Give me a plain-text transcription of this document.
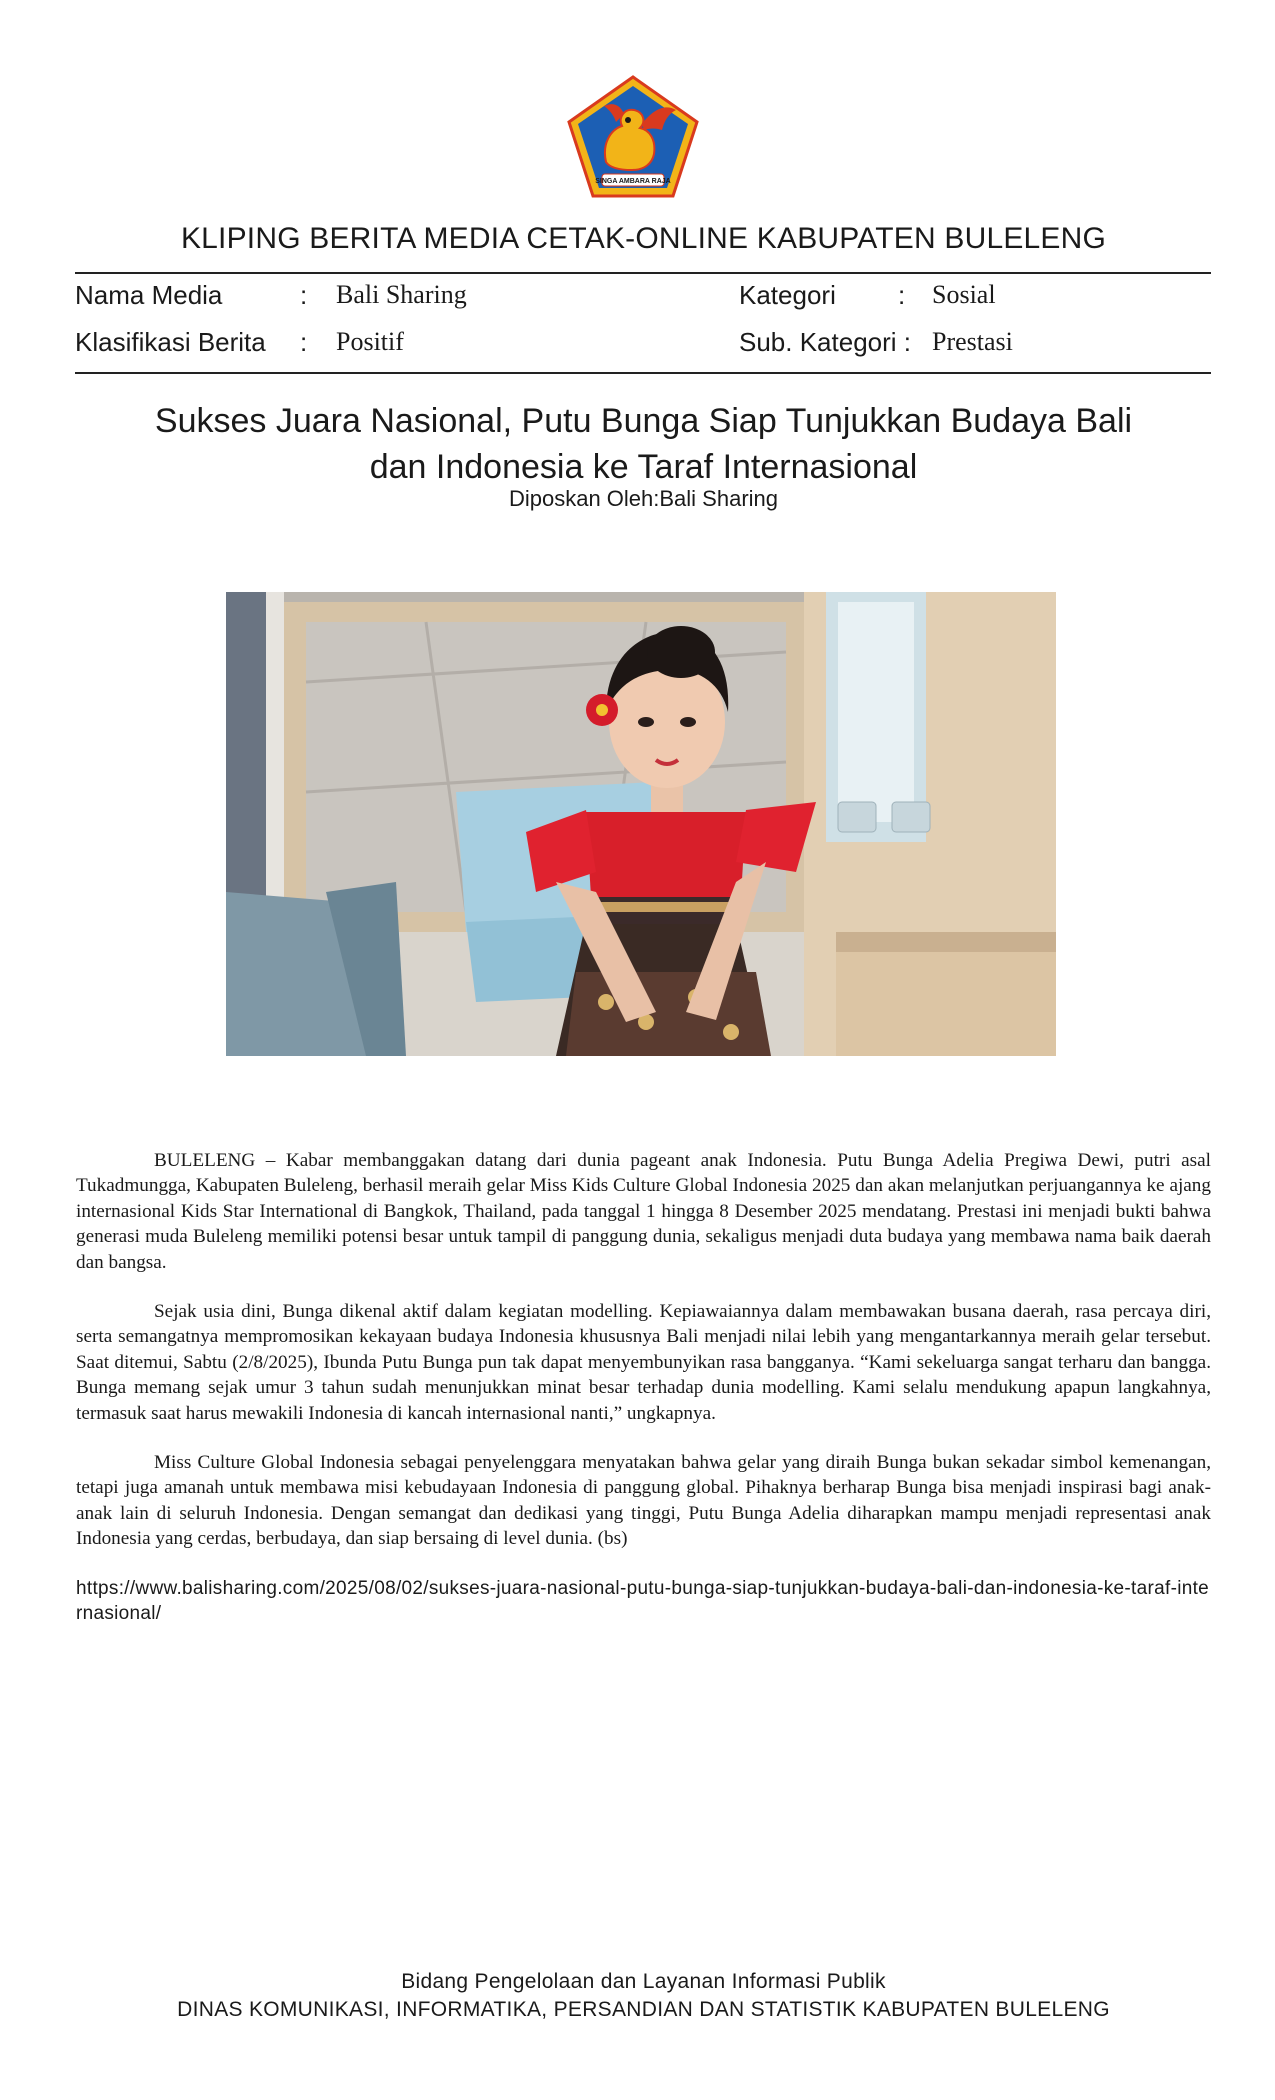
SINGA AMBARA RAJA
KLIPING BERITA MEDIA CETAK-ONLINE KABUPATEN BULELENG
Nama Media	: Bali Sharing	Kategori : Sosial
Klasifikasi Berita : Positif	Sub. Kategori : Prestasi
Sukses Juara Nasional, Putu Bunga Siap Tunjukkan Budaya Bali
dan Indonesia ke Taraf Internasional
Diposkan Oleh:Bali Sharing

BULELENG – Kabar membanggakan datang dari dunia pageant anak Indonesia. Putu Bunga Adelia Pregiwa Dewi, putri asal Tukadmungga, Kabupaten Buleleng, berhasil meraih gelar Miss Kids Culture Global Indonesia 2025 dan akan melanjutkan perjuangannya ke ajang internasional Kids Star International di Bangkok, Thailand, pada tanggal 1 hingga 8 Desember 2025 mendatang. Prestasi ini menjadi bukti bahwa generasi muda Buleleng memiliki potensi besar untuk tampil di panggung dunia, sekaligus menjadi duta budaya yang membawa nama baik daerah dan bangsa.

Sejak usia dini, Bunga dikenal aktif dalam kegiatan modelling. Kepiawaiannya dalam membawakan busana daerah, rasa percaya diri, serta semangatnya mempromosikan kekayaan budaya Indonesia khususnya Bali menjadi nilai lebih yang mengantarkannya meraih gelar tersebut. Saat ditemui, Sabtu (2/8/2025), Ibunda Putu Bunga pun tak dapat menyembunyikan rasa bangganya. “Kami sekeluarga sangat terharu dan bangga. Bunga memang sejak umur 3 tahun sudah menunjukkan minat besar terhadap dunia modelling. Kami selalu mendukung apapun langkahnya, termasuk saat harus mewakili Indonesia di kancah internasional nanti,” ungkapnya.

Miss Culture Global Indonesia sebagai penyelenggara menyatakan bahwa gelar yang diraih Bunga bukan sekadar simbol kemenangan, tetapi juga amanah untuk membawa misi kebudayaan Indonesia di panggung global. Pihaknya berharap Bunga bisa menjadi inspirasi bagi anak-anak lain di seluruh Indonesia. Dengan semangat dan dedikasi yang tinggi, Putu Bunga Adelia diharapkan mampu menjadi representasi anak Indonesia yang cerdas, berbudaya, dan siap bersaing di level dunia. (bs)

https://www.balisharing.com/2025/08/02/sukses-juara-nasional-putu-bunga-siap-tunjukkan-budaya-bali-dan-indonesia-ke-taraf-internasional/
Bidang Pengelolaan dan Layanan Informasi Publik
DINAS KOMUNIKASI, INFORMATIKA, PERSANDIAN DAN STATISTIK KABUPATEN BULELENG
